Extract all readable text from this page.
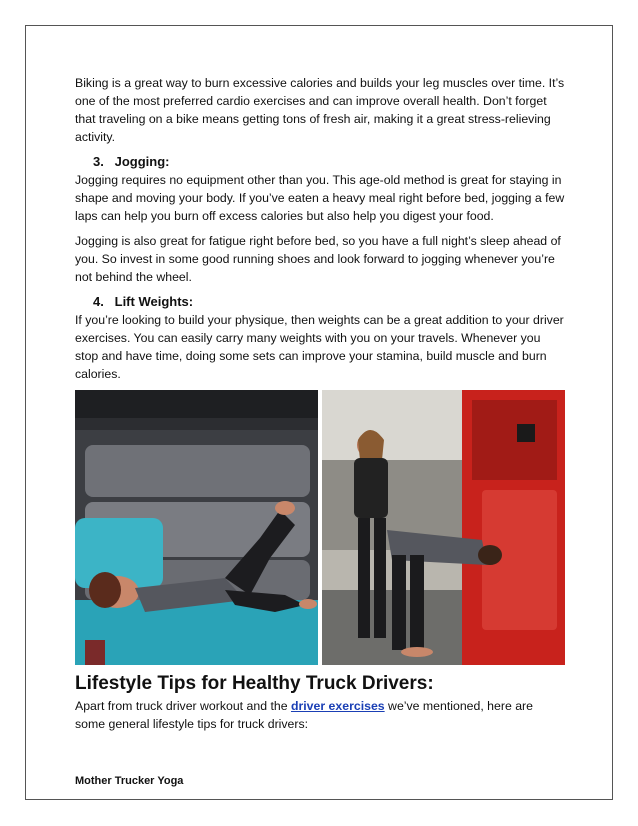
Biking is a great way to burn excessive calories and builds your leg muscles over time. It’s one of the most preferred cardio exercises and can improve overall health. Don’t forget that traveling on a bike means getting tons of fresh air, making it a great stress-relieving activity.

3. Jogging:

Jogging requires no equipment other than you. This age-old method is great for staying in shape and moving your body. If you’ve eaten a heavy meal right before bed, jogging a few laps can help you burn off excess calories but also help you digest your food.

Jogging is also great for fatigue right before bed, so you have a full night’s sleep ahead of you. So invest in some good running shoes and look forward to jogging whenever you’re not behind the wheel.

4. Lift Weights:

If you’re looking to build your physique, then weights can be a great addition to your driver exercises. You can easily carry many weights with you on your travels. Whenever you stop and have time, doing some sets can improve your stamina, build muscle and burn calories.

Lifestyle Tips for Healthy Truck Drivers:

Apart from truck driver workout and the driver exercises we’ve mentioned, here are some general lifestyle tips for truck drivers:

Mother Trucker Yoga
